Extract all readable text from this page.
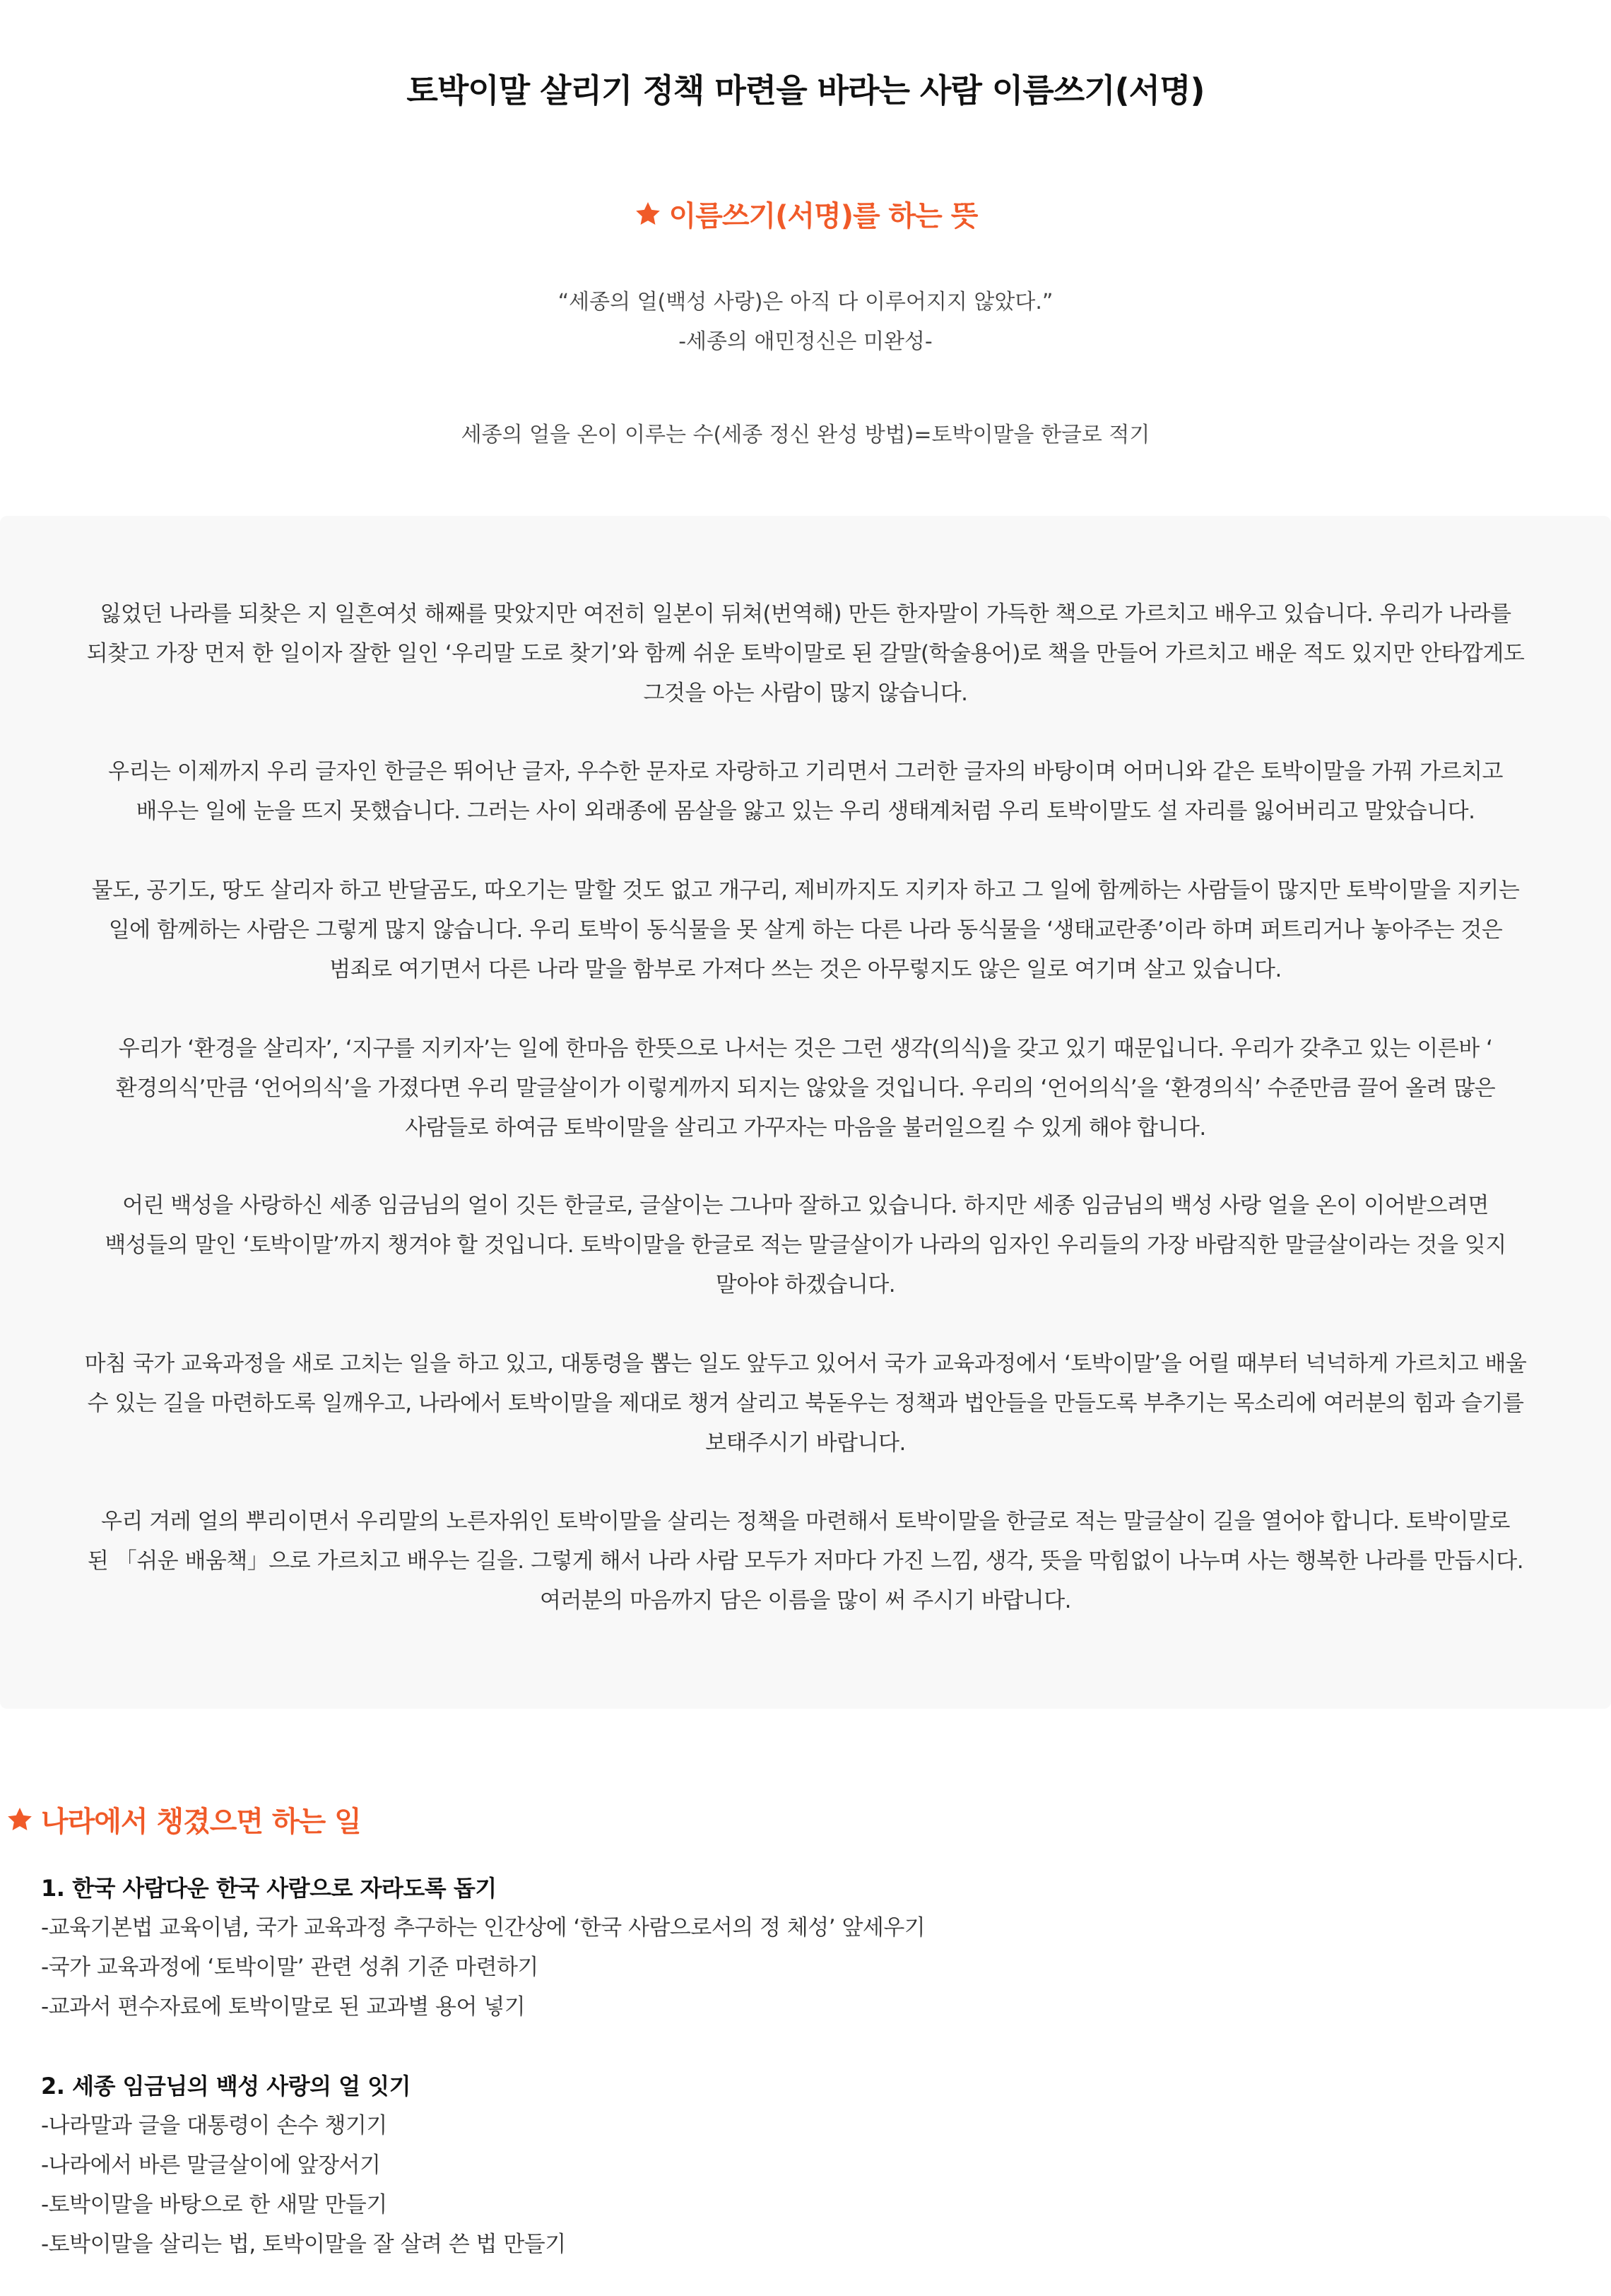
토박이말 살리기 정책 마련을 바라는 사람 이름쓰기(서명)
이름쓰기(서명)를 하는 뜻
“세종의 얼(백성 사랑)은 아직 다 이루어지지 않았다.”
-세종의 애민정신은 미완성-
세종의 얼을 온이 이루는 수(세종 정신 완성 방법)=토박이말을 한글로 적기

잃었던 나라를 되찾은 지 일흔여섯 해째를 맞았지만 여전히 일본이 뒤쳐(번역해) 만든 한자말이 가득한 책으로 가르치고 배우고 있습니다. 우리가 나라를
되찾고 가장 먼저 한 일이자 잘한 일인 ‘우리말 도로 찾기’와 함께 쉬운 토박이말로 된 갈말(학술용어)로 책을 만들어 가르치고 배운 적도 있지만 안타깝게도
그것을 아는 사람이 많지 않습니다.

우리는 이제까지 우리 글자인 한글은 뛰어난 글자, 우수한 문자로 자랑하고 기리면서 그러한 글자의 바탕이며 어머니와 같은 토박이말을 가꿔 가르치고
배우는 일에 눈을 뜨지 못했습니다. 그러는 사이 외래종에 몸살을 앓고 있는 우리 생태계처럼 우리 토박이말도 설 자리를 잃어버리고 말았습니다.

물도, 공기도, 땅도 살리자 하고 반달곰도, 따오기는 말할 것도 없고 개구리, 제비까지도 지키자 하고 그 일에 함께하는 사람들이 많지만 토박이말을 지키는
일에 함께하는 사람은 그렇게 많지 않습니다. 우리 토박이 동식물을 못 살게 하는 다른 나라 동식물을 ‘생태교란종’이라 하며 퍼트리거나 놓아주는 것은
범죄로 여기면서 다른 나라 말을 함부로 가져다 쓰는 것은 아무렇지도 않은 일로 여기며 살고 있습니다.

우리가 ‘환경을 살리자’, ‘지구를 지키자’는 일에 한마음 한뜻으로 나서는 것은 그런 생각(의식)을 갖고 있기 때문입니다. 우리가 갖추고 있는 이른바 ‘
환경의식’만큼 ‘언어의식’을 가졌다면 우리 말글살이가 이렇게까지 되지는 않았을 것입니다. 우리의 ‘언어의식’을 ‘환경의식’ 수준만큼 끌어 올려 많은
사람들로 하여금 토박이말을 살리고 가꾸자는 마음을 불러일으킬 수 있게 해야 합니다.

어린 백성을 사랑하신 세종 임금님의 얼이 깃든 한글로, 글살이는 그나마 잘하고 있습니다. 하지만 세종 임금님의 백성 사랑 얼을 온이 이어받으려면
백성들의 말인 ‘토박이말’까지 챙겨야 할 것입니다. 토박이말을 한글로 적는 말글살이가 나라의 임자인 우리들의 가장 바람직한 말글살이라는 것을 잊지
말아야 하겠습니다.

마침 국가 교육과정을 새로 고치는 일을 하고 있고, 대통령을 뽑는 일도 앞두고 있어서 국가 교육과정에서 ‘토박이말’을 어릴 때부터 넉넉하게 가르치고 배울
수 있는 길을 마련하도록 일깨우고, 나라에서 토박이말을 제대로 챙겨 살리고 북돋우는 정책과 법안들을 만들도록 부추기는 목소리에 여러분의 힘과 슬기를
보태주시기 바랍니다.

우리 겨레 얼의 뿌리이면서 우리말의 노른자위인 토박이말을 살리는 정책을 마련해서 토박이말을 한글로 적는 말글살이 길을 열어야 합니다. 토박이말로
된 「쉬운 배움책」으로 가르치고 배우는 길을. 그렇게 해서 나라 사람 모두가 저마다 가진 느낌, 생각, 뜻을 막힘없이 나누며 사는 행복한 나라를 만듭시다.
여러분의 마음까지 담은 이름을 많이 써 주시기 바랍니다.

나라에서 챙겼으면 하는 일

1. 한국 사람다운 한국 사람으로 자라도록 돕기

-교육기본법 교육이념, 국가 교육과정 추구하는 인간상에 ‘한국 사람으로서의 정 체성’ 앞세우기

-국가 교육과정에 ‘토박이말’ 관련 성취 기준 마련하기

-교과서 편수자료에 토박이말로 된 교과별 용어 넣기

2. 세종 임금님의 백성 사랑의 얼 잇기

-나라말과 글을 대통령이 손수 챙기기

-나라에서 바른 말글살이에 앞장서기

-토박이말을 바탕으로 한 새말 만들기

-토박이말을 살리는 법, 토박이말을 잘 살려 쓴 법 만들기
